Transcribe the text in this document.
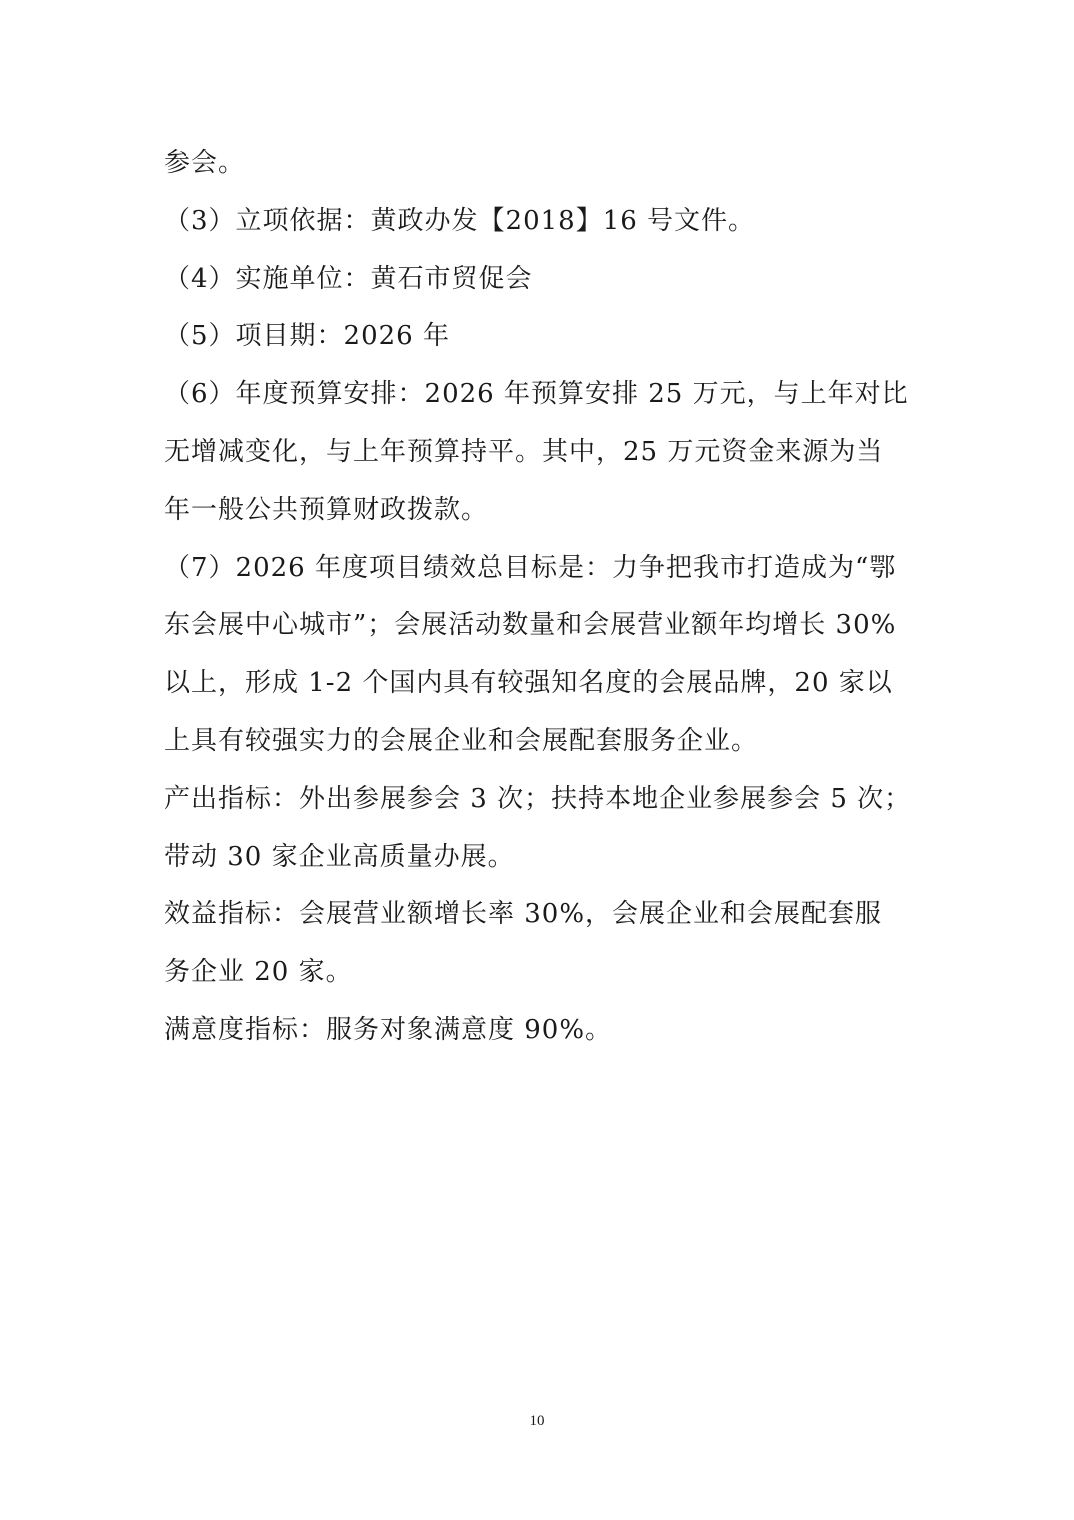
参会。
（3）立项依据：黄政办发【2018】16 号文件。
（4）实施单位：黄石市贸促会
（5）项目期：2026 年
（6）年度预算安排：2026 年预算安排 25 万元，与上年对比
无增减变化，与上年预算持平。其中，25 万元资金来源为当
年一般公共预算财政拨款。
（7）2026 年度项目绩效总目标是：力争把我市打造成为“鄂
东会展中心城市”；会展活动数量和会展营业额年均增长 30%
以上，形成 1-2 个国内具有较强知名度的会展品牌，20 家以
上具有较强实力的会展企业和会展配套服务企业。
产出指标：外出参展参会 3 次；扶持本地企业参展参会 5 次；
带动 30 家企业高质量办展。
效益指标：会展营业额增长率 30%，会展企业和会展配套服
务企业 20 家。
满意度指标：服务对象满意度 90%。
10
